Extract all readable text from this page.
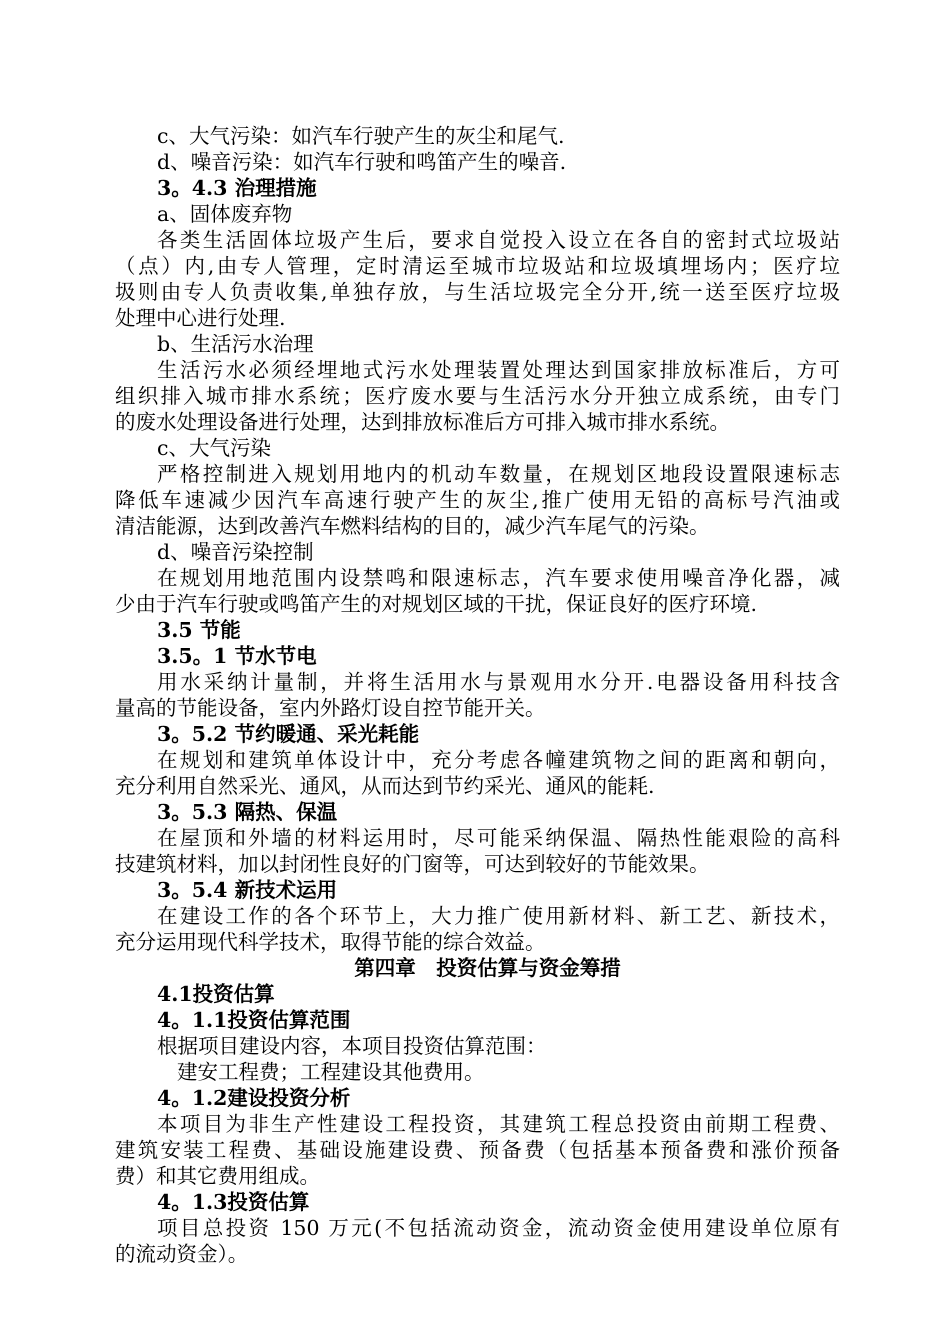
c、大气污染：如汽车行驶产生的灰尘和尾气.
d、噪音污染：如汽车行驶和鸣笛产生的噪音.
3。4.3 治理措施
a、固体废弃物
各类生活固体垃圾产生后，要求自觉投入设立在各自的密封式垃圾站
（点）内,由专人管理，定时清运至城市垃圾站和垃圾填埋场内；医疗垃
圾则由专人负责收集,单独存放，与生活垃圾完全分开,统一送至医疗垃圾
处理中心进行处理.
b、生活污水治理
生活污水必须经埋地式污水处理装置处理达到国家排放标准后，方可
组织排入城市排水系统；医疗废水要与生活污水分开独立成系统，由专门
的废水处理设备进行处理，达到排放标准后方可排入城市排水系统。
c、大气污染
严格控制进入规划用地内的机动车数量，在规划区地段设置限速标志
降低车速减少因汽车高速行驶产生的灰尘,推广使用无铅的高标号汽油或
清洁能源，达到改善汽车燃料结构的目的，减少汽车尾气的污染。
d、噪音污染控制
在规划用地范围内设禁鸣和限速标志，汽车要求使用噪音净化器，减
少由于汽车行驶或鸣笛产生的对规划区域的干扰，保证良好的医疗环境.
3.5 节能
3.5。1 节水节电
用水采纳计量制，并将生活用水与景观用水分开.电器设备用科技含
量高的节能设备，室内外路灯设自控节能开关。
3。5.2 节约暖通、采光耗能
在规划和建筑单体设计中，充分考虑各幢建筑物之间的距离和朝向，
充分利用自然采光、通风，从而达到节约采光、通风的能耗.
3。5.3 隔热、保温
在屋顶和外墙的材料运用时，尽可能采纳保温、隔热性能艰险的高科
技建筑材料，加以封闭性良好的门窗等，可达到较好的节能效果。
3。5.4 新技术运用
在建设工作的各个环节上，大力推广使用新材料、新工艺、新技术，
充分运用现代科学技术，取得节能的综合效益。
第四章　投资估算与资金筹措
4.1投资估算
4。1.1投资估算范围
根据项目建设内容，本项目投资估算范围：
建安工程费；工程建设其他费用。
4。1.2建设投资分析
本项目为非生产性建设工程投资，其建筑工程总投资由前期工程费、
建筑安装工程费、基础设施建设费、预备费（包括基本预备费和涨价预备
费）和其它费用组成。
4。1.3投资估算
项目总投资 150 万元(不包括流动资金，流动资金使用建设单位原有
的流动资金）。
